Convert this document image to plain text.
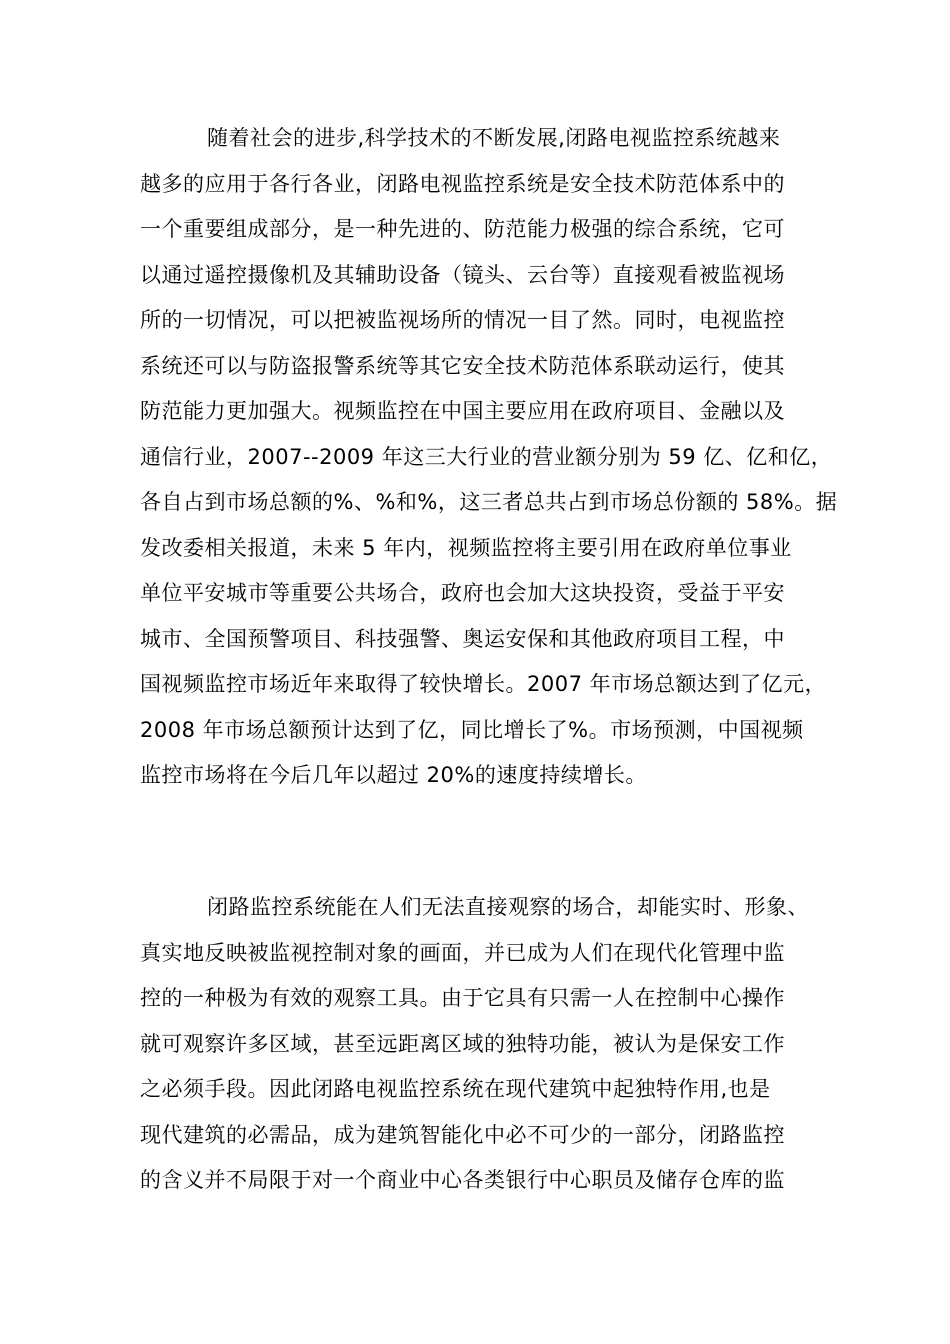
随着社会的进步,科学技术的不断发展,闭路电视监控系统越来
越多的应用于各行各业，闭路电视监控系统是安全技术防范体系中的
一个重要组成部分，是一种先进的、防范能力极强的综合系统，它可
以通过遥控摄像机及其辅助设备（镜头、云台等）直接观看被监视场
所的一切情况，可以把被监视场所的情况一目了然。同时，电视监控
系统还可以与防盗报警系统等其它安全技术防范体系联动运行，使其
防范能力更加强大。视频监控在中国主要应用在政府项目、金融以及
通信行业，2007--2009 年这三大行业的营业额分别为 59 亿、亿和亿，
各自占到市场总额的%、%和%，这三者总共占到市场总份额的 58%。据
发改委相关报道，未来 5 年内，视频监控将主要引用在政府单位事业
单位平安城市等重要公共场合，政府也会加大这块投资，受益于平安
城市、全国预警项目、科技强警、奥运安保和其他政府项目工程，中
国视频监控市场近年来取得了较快增长。2007 年市场总额达到了亿元，
2008 年市场总额预计达到了亿，同比增长了%。市场预测，中国视频
监控市场将在今后几年以超过 20%的速度持续增长。

闭路监控系统能在人们无法直接观察的场合，却能实时、形象、
真实地反映被监视控制对象的画面，并已成为人们在现代化管理中监
控的一种极为有效的观察工具。由于它具有只需一人在控制中心操作
就可观察许多区域，甚至远距离区域的独特功能，被认为是保安工作
之必须手段。因此闭路电视监控系统在现代建筑中起独特作用,也是
现代建筑的必需品，成为建筑智能化中必不可少的一部分，闭路监控
的含义并不局限于对一个商业中心各类银行中心职员及储存仓库的监
